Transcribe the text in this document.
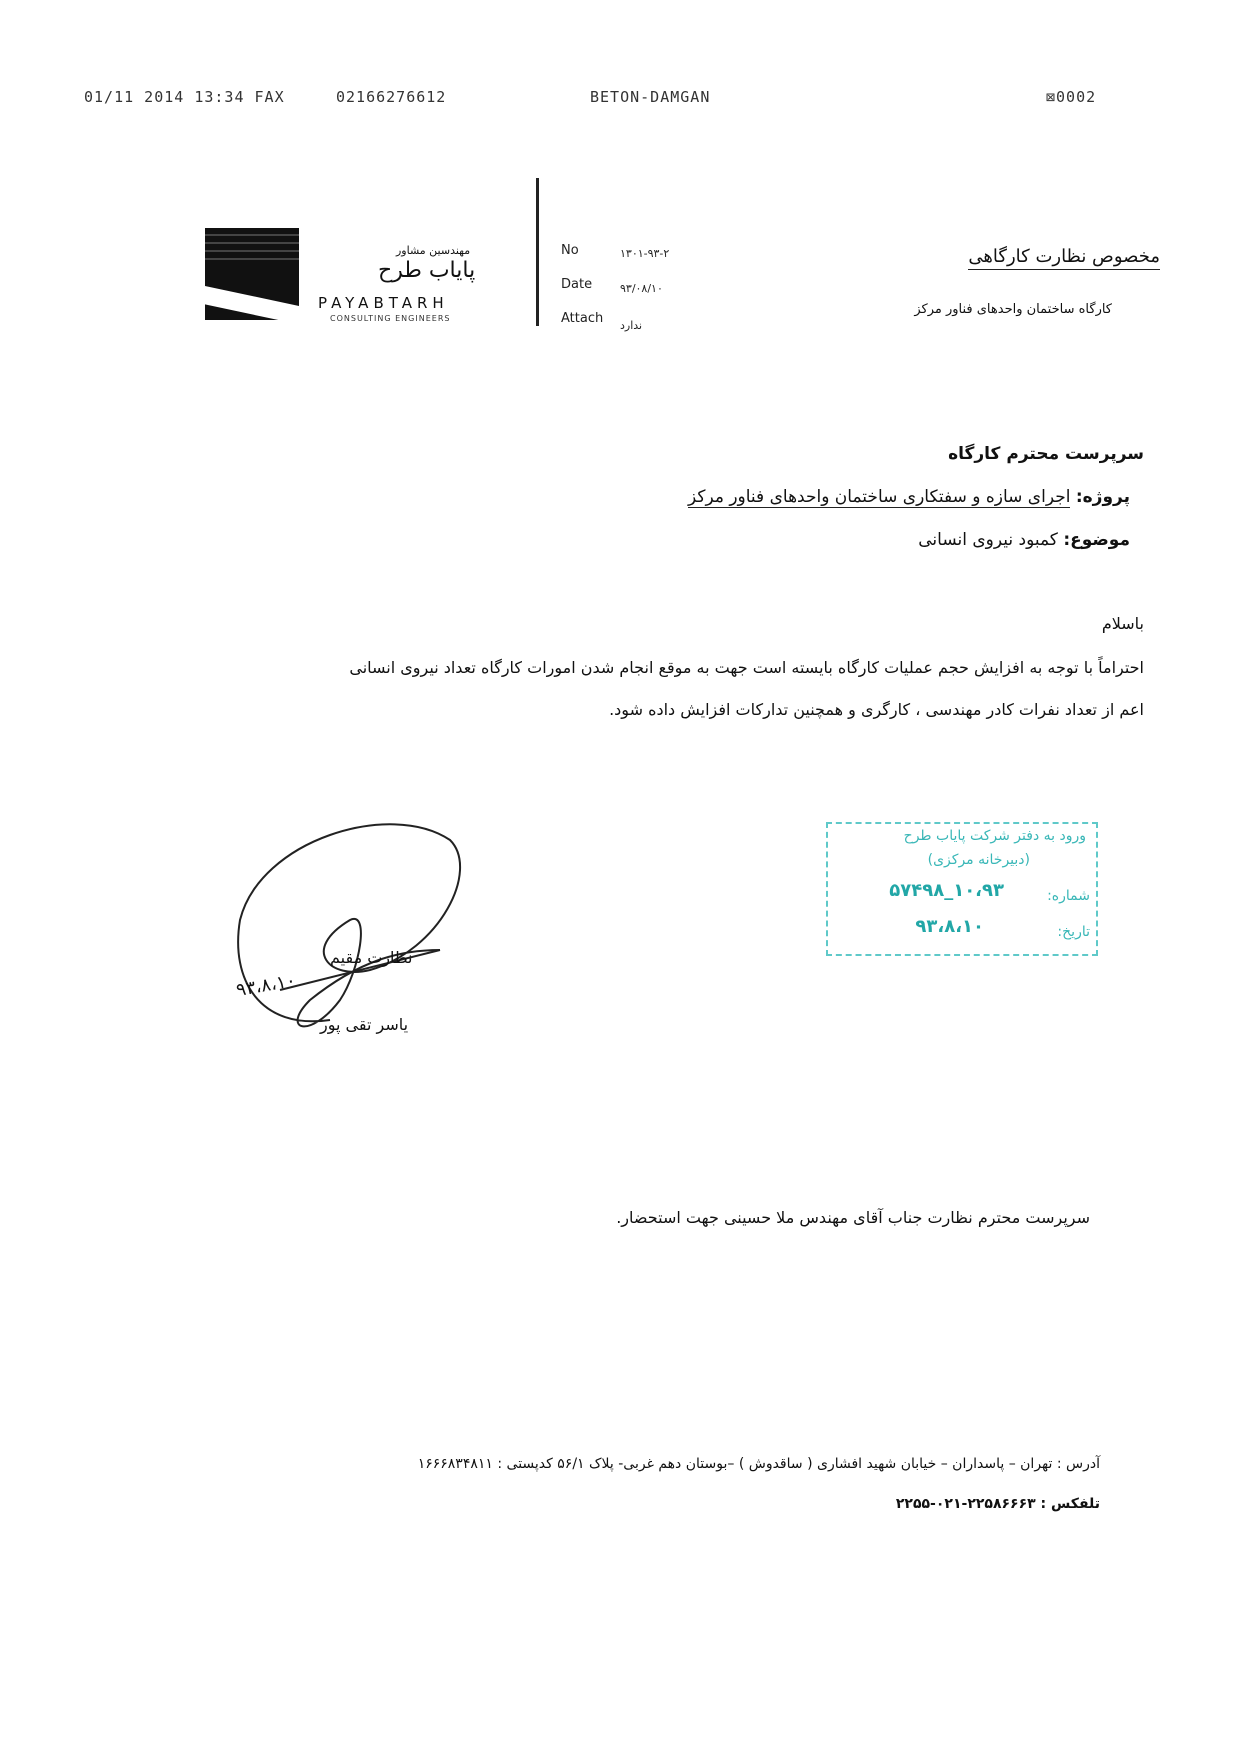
01/11 2014 13:34 FAX	02166276612	BETON-DAMGAN	⊠0002
مهندسین مشاور
پایاب طرح
PAYABTARH
CONSULTING ENGINEERS
No	۱۳۰۱-۹۳-۲
Date	۹۳/۰۸/۱۰
Attach ندارد
مخصوص نظارت کارگاهی
کارگاه ساختمان واحدهای فناور مرکز
سرپرست محترم کارگاه
پروژه: اجرای سازه و سفتکاری ساختمان واحدهای فناور مرکز
موضوع: کمبود نیروی انسانی
باسلام
احتراماً با توجه به افزایش حجم عملیات کارگاه بایسته است جهت به موقع انجام شدن امورات کارگاه تعداد نیروی انسانی
اعم از تعداد نفرات کادر مهندسی ، کارگری و همچنین تدارکات افزایش داده شود.
نظارت مقیم
یاسر تقی پور
۹۳،۸،۱۰
ورود به دفتر شرکت پایاب طرح
(دبیرخانه مرکزی)
شماره:
۱۰،۹۳_۵۷۴۹۸
تاریخ:
۹۳،۸،۱۰
سرپرست محترم نظارت جناب آقای مهندس ملا حسینی جهت استحضار.
آدرس : تهران – پاسداران – خیابان شهید افشاری ( ساقدوش ) –بوستان دهم غربی- پلاک ۵۶/۱ کدپستی : ۱۶۶۶۸۳۴۸۱۱
تلفکس : ۲۲۵۸۶۶۶۳-۰۲۱-۲۲۵۵
